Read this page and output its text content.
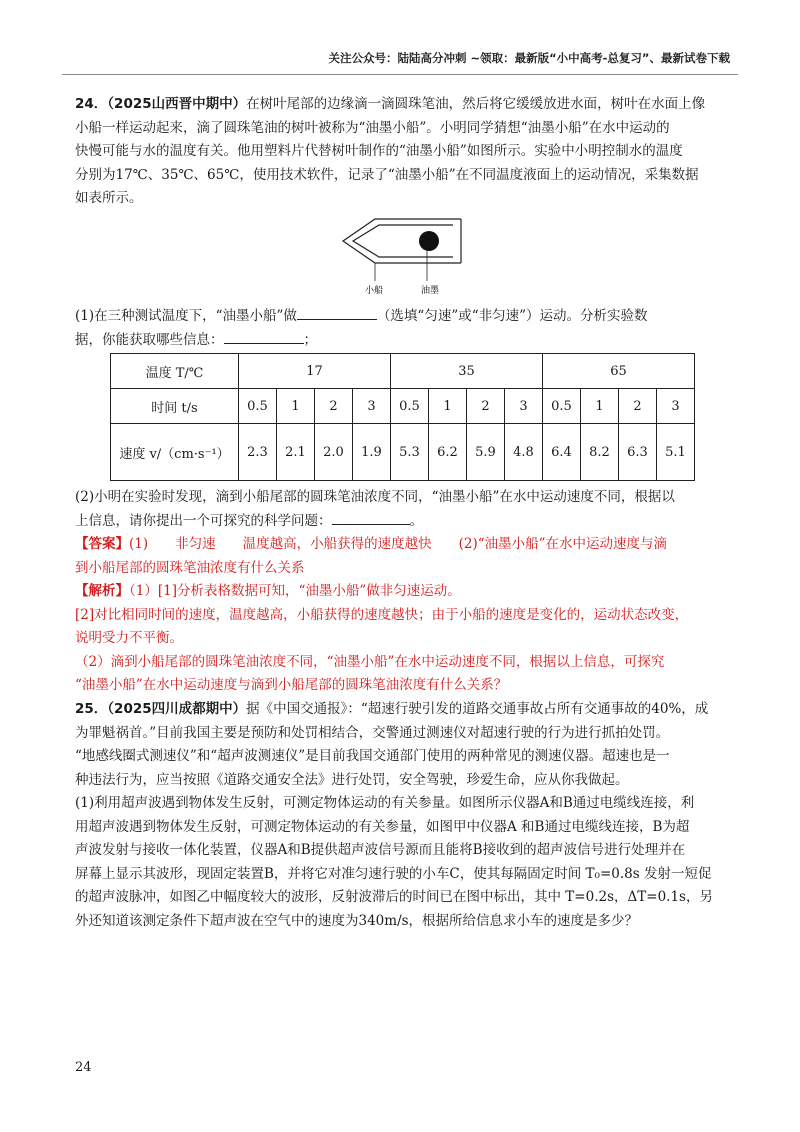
关注公众号：陆陆高分冲刺 ~领取：最新版“小中高考-总复习”、最新试卷下载
24．（2025山西晋中期中）在树叶尾部的边缘滴一滴圆珠笔油，然后将它缓缓放进水面，树叶在水面上像
小船一样运动起来，滴了圆珠笔油的树叶被称为“油墨小船”。小明同学猜想“油墨小船”在水中运动的
快慢可能与水的温度有关。他用塑料片代替树叶制作的“油墨小船”如图所示。实验中小明控制水的温度
分别为17℃、35℃、65℃，使用技术软件，记录了“油墨小船”在不同温度液面上的运动情况，采集数据
如表所示。
小船	油墨
(1)在三种测试温度下，“油墨小船”做	（选填“匀速”或“非匀速”）运动。分析实验数
据，你能获取哪些信息：	；
温度 T/℃	17				35				65			
时间 t/s	0.5	1	2	3	0.5	1	2	3	0.5	1	2	3
速度 v/（cm·s⁻¹）	2.3	2.1	2.0	1.9	5.3	6.2	5.9	4.8	6.4	8.2	6.3	5.1
(2)小明在实验时发现，滴到小船尾部的圆珠笔油浓度不同，“油墨小船”在水中运动速度不同，根据以
上信息，请你提出一个可探究的科学问题：	。
【答案】(1)　　非匀速　　温度越高，小船获得的速度越快　　(2)“油墨小船”在水中运动速度与滴
到小船尾部的圆珠笔油浓度有什么关系
【解析】（1）[1]分析表格数据可知，“油墨小船”做非匀速运动。
[2]对比相同时间的速度，温度越高，小船获得的速度越快；由于小船的速度是变化的，运动状态改变，
说明受力不平衡。
（2）滴到小船尾部的圆珠笔油浓度不同，“油墨小船”在水中运动速度不同，根据以上信息，可探究
“油墨小船”在水中运动速度与滴到小船尾部的圆珠笔油浓度有什么关系？
25．（2025四川成都期中）据《中国交通报》：“超速行驶引发的道路交通事故占所有交通事故的40%，成
为罪魁祸首。”目前我国主要是预防和处罚相结合，交警通过测速仪对超速行驶的行为进行抓拍处罚。
“地感线圈式测速仪”和“超声波测速仪”是目前我国交通部门使用的两种常见的测速仪器。超速也是一
种违法行为，应当按照《道路交通安全法》进行处罚，安全驾驶，珍爱生命，应从你我做起。
(1)利用超声波遇到物体发生反射，可测定物体运动的有关参量。如图所示仪器A和B通过电缆线连接，利
用超声波遇到物体发生反射，可测定物体运动的有关参量，如图甲中仪器A 和B通过电缆线连接，B为超
声波发射与接收一体化装置，仪器A和B提供超声波信号源而且能将B接收到的超声波信号进行处理并在
屏幕上显示其波形，现固定装置B，并将它对准匀速行驶的小车C，使其每隔固定时间 T₀=0.8s 发射一短促
的超声波脉冲，如图乙中幅度较大的波形，反射波滞后的时间已在图中标出，其中 T=0.2s，ΔT=0.1s，另
外还知道该测定条件下超声波在空气中的速度为340m/s，根据所给信息求小车的速度是多少？
24
